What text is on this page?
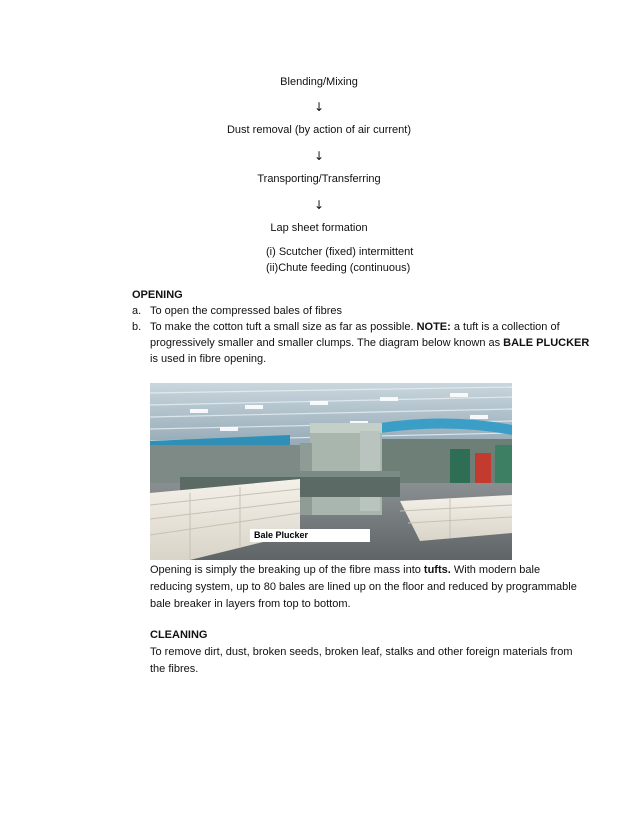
Blending/Mixing
↓
Dust removal (by action of air current)
↓
Transporting/Transferring
↓
Lap sheet formation
(i) Scutcher (fixed) intermittent
(ii)Chute feeding (continuous)
OPENING
a. To open the compressed bales of fibres
b. To make the cotton tuft a small size as far as possible. NOTE: a tuft is a collection of
progressively smaller and smaller clumps. The diagram below known as BALE PLUCKER
is used in fibre opening.
Bale Plucker
Opening is simply the breaking up of the fibre mass into tufts. With modern bale
reducing system, up to 80 bales are lined up on the floor and reduced by programmable
bale breaker in layers from top to bottom.
CLEANING
To remove dirt, dust, broken seeds, broken leaf, stalks and other foreign materials from
the fibres.
